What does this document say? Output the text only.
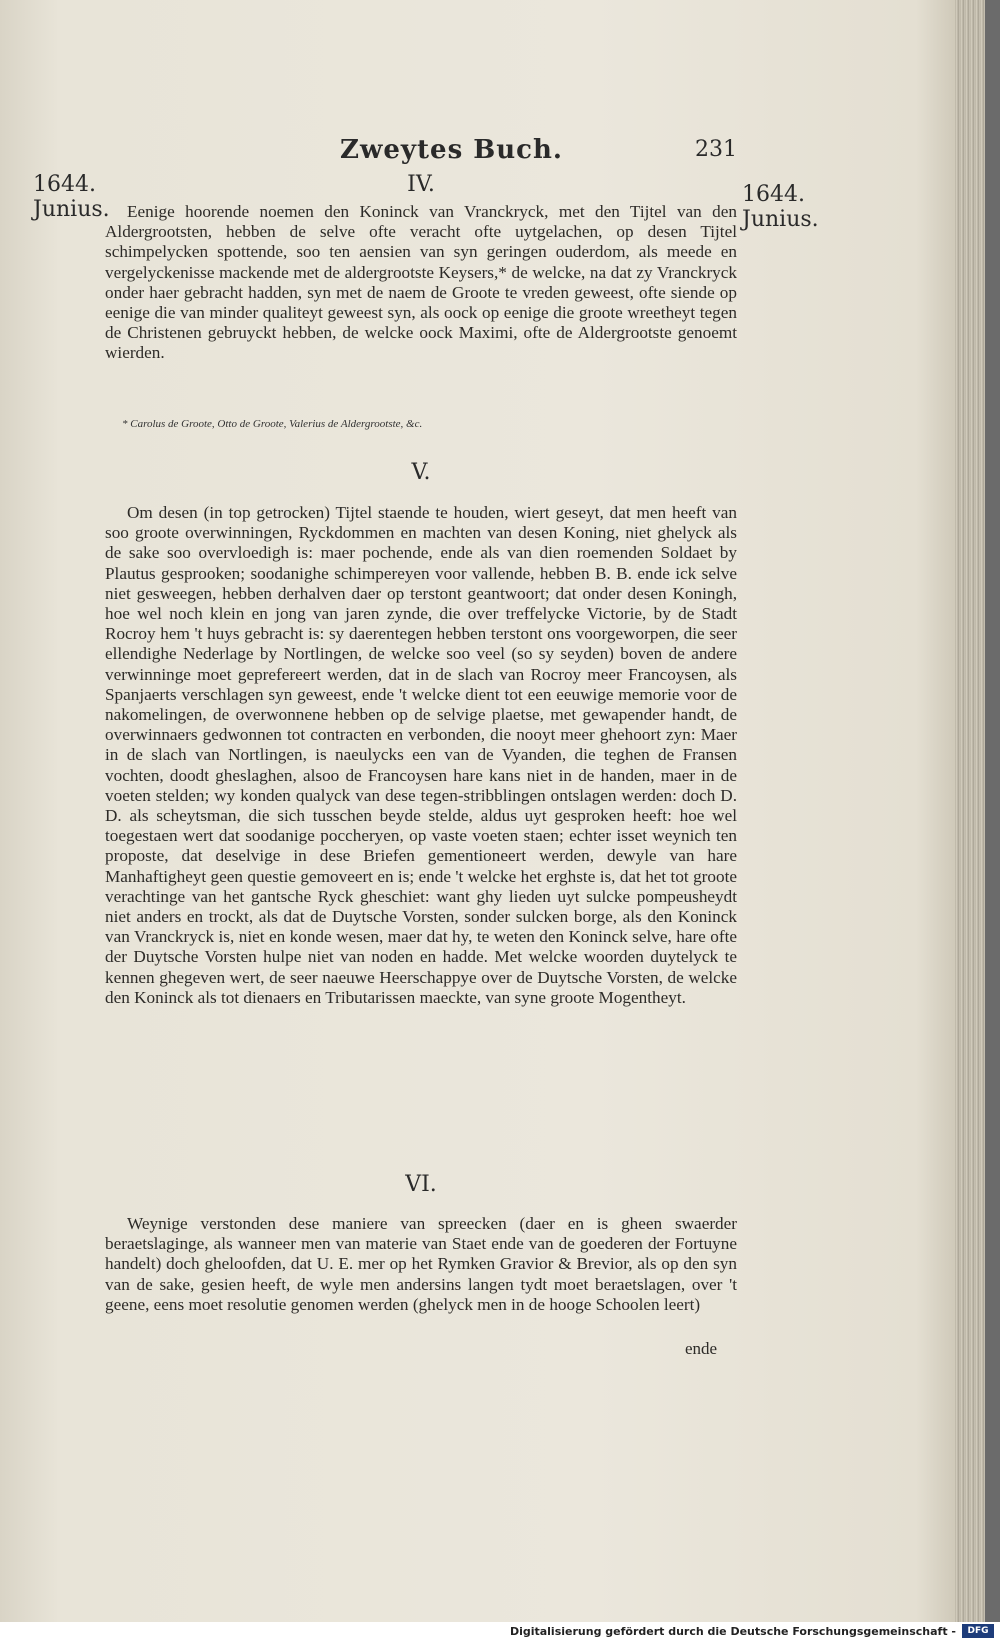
Zweytes Buch.	231
1644.
Junius.
1644.
Junius.
IV.

Eenige hoorende noemen den Koninck van Vranckryck, met den Tijtel van den Aldergrootsten, hebben de selve ofte veracht ofte uytgelachen, op desen Tijtel schimpelycken spottende, soo ten aensien van syn geringen ouderdom, als meede en vergelyckenisse mackende met de aldergrootste Keysers,* de welcke, na dat zy Vranckryck onder haer gebracht hadden, syn met de naem de Groote te vreden geweest, ofte siende op eenige die van minder qualiteyt geweest syn, als oock op eenige die groote wreetheyt tegen de Christenen gebruyckt hebben, de welcke oock Maximi, ofte de Aldergrootste genoemt wierden.

* Carolus de Groote, Otto de Groote, Valerius de Aldergrootste, &c.
V.

Om desen (in top getrocken) Tijtel staende te houden, wiert geseyt, dat men heeft van soo groote overwinningen, Ryckdommen en machten van desen Koning, niet ghelyck als de sake soo overvloedigh is: maer pochende, ende als van dien roemenden Soldaet by Plautus gesprooken; soodanighe schimpereyen voor vallende, hebben B. B. ende ick selve niet gesweegen, hebben derhalven daer op terstont geantwoort; dat onder desen Koningh, hoe wel noch klein en jong van jaren zynde, die over treffelycke Victorie, by de Stadt Rocroy hem 't huys gebracht is: sy daerentegen hebben terstont ons voorgeworpen, die seer ellendighe Nederlage by Nortlingen, de welcke soo veel (so sy seyden) boven de andere verwinninge moet geprefereert werden, dat in de slach van Rocroy meer Francoysen, als Spanjaerts verschlagen syn geweest, ende 't welcke dient tot een eeuwige memorie voor de nakomelingen, de overwonnene hebben op de selvige plaetse, met gewapender handt, de overwinnaers gedwonnen tot contracten en verbonden, die nooyt meer ghehoort zyn: Maer in de slach van Nortlingen, is naeulycks een van de Vyanden, die teghen de Fransen vochten, doodt gheslaghen, alsoo de Francoysen hare kans niet in de handen, maer in de voeten stelden; wy konden qualyck van dese tegen-stribblingen ontslagen werden: doch D. D. als scheytsman, die sich tusschen beyde stelde, aldus uyt gesproken heeft: hoe wel toegestaen wert dat soodanige poccheryen, op vaste voeten staen; echter isset weynich ten proposte, dat deselvige in dese Briefen gementioneert werden, dewyle van hare Manhaftigheyt geen questie gemoveert en is; ende 't welcke het erghste is, dat het tot groote verachtinge van het gantsche Ryck gheschiet: want ghy lieden uyt sulcke pompeusheydt niet anders en trockt, als dat de Duytsche Vorsten, sonder sulcken borge, als den Koninck van Vranckryck is, niet en konde wesen, maer dat hy, te weten den Koninck selve, hare ofte der Duytsche Vorsten hulpe niet van noden en hadde. Met welcke woorden duytelyck te kennen ghegeven wert, de seer naeuwe Heerschappye over de Duytsche Vorsten, de welcke den Koninck als tot dienaers en Tributarissen maeckte, van syne groote Mogentheyt.

VI.

Weynige verstonden dese maniere van spreecken (daer en is gheen swaerder beraetslaginge, als wanneer men van materie van Staet ende van de goederen der Fortuyne handelt) doch gheloofden, dat U. E. mer op het Rymken Gravior & Brevior, als op den syn van de sake, gesien heeft, de wyle men andersins langen tydt moet beraetslagen, over 't geene, eens moet resolutie genomen werden (ghelyck men in de hooge Schoolen leert)

ende
Digitalisierung gefördert durch die Deutsche Forschungsgemeinschaft -	DFG
